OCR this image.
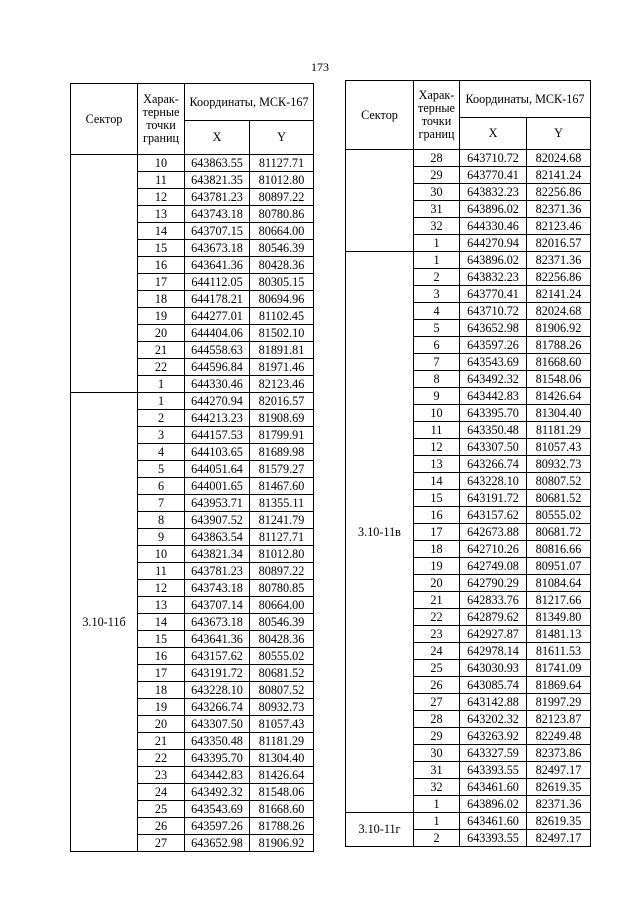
173
Сектор	Харак-терные точки границ	Координаты, МСК-167	
		X	Y
	10	643863.55	81127.71
	11	643821.35	81012.80
	12	643781.23	80897.22
	13	643743.18	80780.86
	14	643707.15	80664.00
	15	643673.18	80546.39
	16	643641.36	80428.36
	17	644112.05	80305.15
	18	644178.21	80694.96
	19	644277.01	81102.45
	20	644404.06	81502.10
	21	644558.63	81891.81
	22	644596.84	81971.46
	1	644330.46	82123.46
3.10-11б	1	644270.94	82016.57
	2	644213.23	81908.69
	3	644157.53	81799.91
	4	644103.65	81689.98
	5	644051.64	81579.27
	6	644001.65	81467.60
	7	643953.71	81355.11
	8	643907.52	81241.79
	9	643863.54	81127.71
	10	643821.34	81012.80
	11	643781.23	80897.22
	12	643743.18	80780.85
	13	643707.14	80664.00
	14	643673.18	80546.39
	15	643641.36	80428.36
	16	643157.62	80555.02
	17	643191.72	80681.52
	18	643228.10	80807.52
	19	643266.74	80932.73
	20	643307.50	81057.43
	21	643350.48	81181.29
	22	643395.70	81304.40
	23	643442.83	81426.64
	24	643492.32	81548.06
	25	643543.69	81668.60
	26	643597.26	81788.26
	27	643652.98	81906.92
Сектор	Харак-терные точки границ	Координаты, МСК-167	
		X	Y
	28	643710.72	82024.68
	29	643770.41	82141.24
	30	643832.23	82256.86
	31	643896.02	82371.36
	32	644330.46	82123.46
	1	644270.94	82016.57
3.10-11в	1	643896.02	82371.36
	2	643832.23	82256.86
	3	643770.41	82141.24
	4	643710.72	82024.68
	5	643652.98	81906.92
	6	643597.26	81788.26
	7	643543.69	81668.60
	8	643492.32	81548.06
	9	643442.83	81426.64
	10	643395.70	81304.40
	11	643350.48	81181.29
	12	643307.50	81057.43
	13	643266.74	80932.73
	14	643228.10	80807.52
	15	643191.72	80681.52
	16	643157.62	80555.02
	17	642673.88	80681.72
	18	642710.26	80816.66
	19	642749.08	80951.07
	20	642790.29	81084.64
	21	642833.76	81217.66
	22	642879.62	81349.80
	23	642927.87	81481.13
	24	642978.14	81611.53
	25	643030.93	81741.09
	26	643085.74	81869.64
	27	643142.88	81997.29
	28	643202.32	82123.87
	29	643263.92	82249.48
	30	643327.59	82373.86
	31	643393.55	82497.17
	32	643461.60	82619.35
	1	643896.02	82371.36
3.10-11г	1	643461.60	82619.35
	2	643393.55	82497.17
